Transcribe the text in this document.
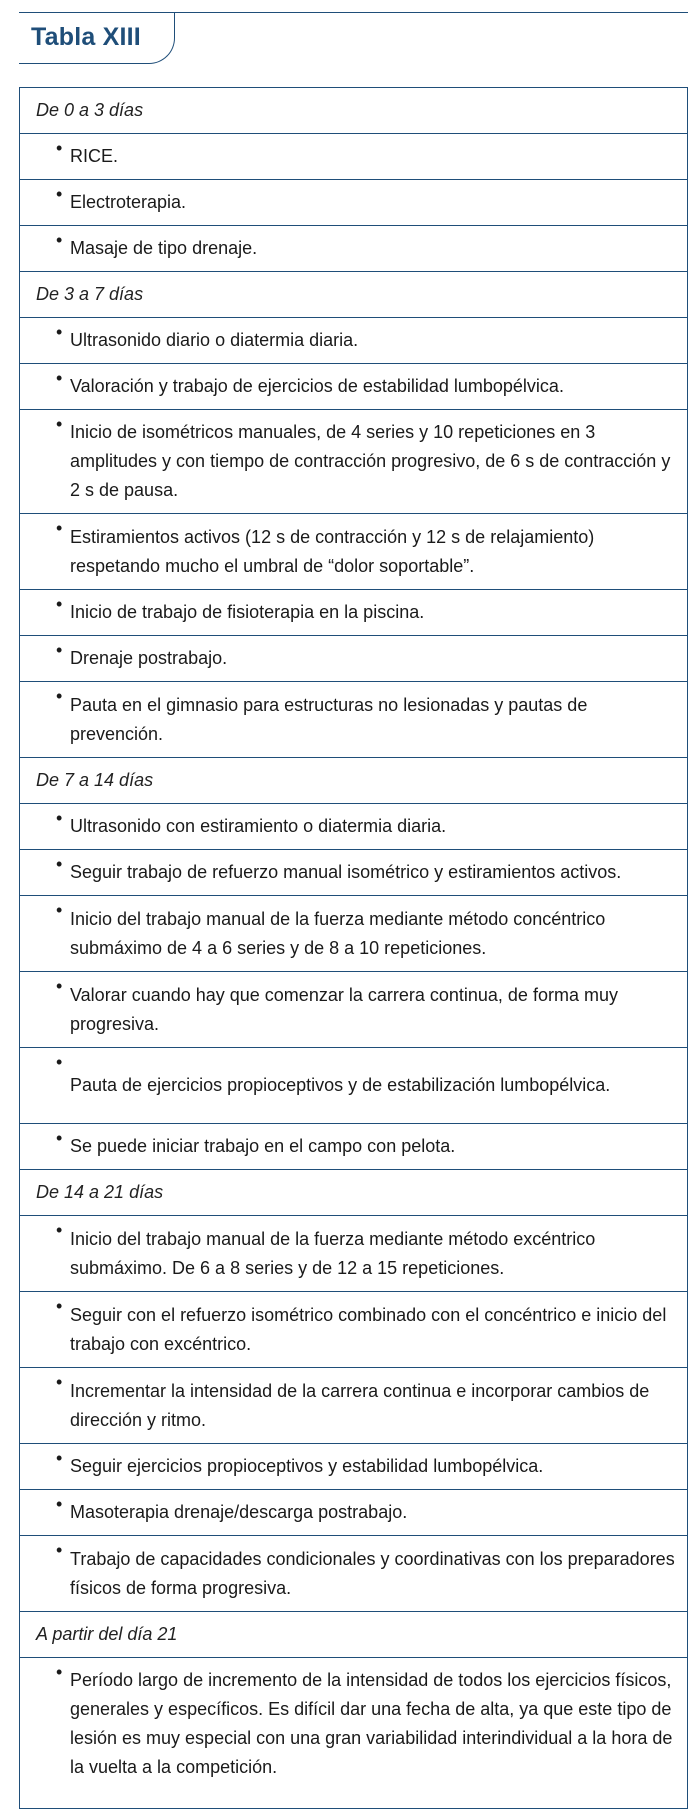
Tabla XIII
De 0 a 3 días
• RICE.
• Electroterapia.
• Masaje de tipo drenaje.
De 3 a 7 días
• Ultrasonido diario o diatermia diaria.
• Valoración y trabajo de ejercicios de estabilidad lumbopélvica.
• Inicio de isométricos manuales, de 4 series y 10 repeticiones en 3 amplitudes y con tiempo de contracción progresivo, de 6 s de contracción y 2 s de pausa.
• Estiramientos activos (12 s de contracción y 12 s de relajamiento) respetando mucho el umbral de “dolor soportable”.
• Inicio de trabajo de fisioterapia en la piscina.
• Drenaje postrabajo.
• Pauta en el gimnasio para estructuras no lesionadas y pautas de prevención.
De 7 a 14 días
• Ultrasonido con estiramiento o diatermia diaria.
• Seguir trabajo de refuerzo manual isométrico y estiramientos activos.
• Inicio del trabajo manual de la fuerza mediante método concéntrico submáximo de 4 a 6 series y de 8 a 10 repeticiones.
• Valorar cuando hay que comenzar la carrera continua, de forma muy progresiva.
•
Pauta de ejercicios propioceptivos y de estabilización lumbopélvica.
• Se puede iniciar trabajo en el campo con pelota.
De 14 a 21 días
• Inicio del trabajo manual de la fuerza mediante método excéntrico submáximo. De 6 a 8 series y de 12 a 15 repeticiones.
• Seguir con el refuerzo isométrico combinado con el concéntrico e inicio del trabajo con excéntrico.
• Incrementar la intensidad de la carrera continua e incorporar cambios de dirección y ritmo.
• Seguir ejercicios propioceptivos y estabilidad lumbopélvica.
• Masoterapia drenaje/descarga postrabajo.
• Trabajo de capacidades condicionales y coordinativas con los preparadores físicos de forma progresiva.
A partir del día 21
• Período largo de incremento de la intensidad de todos los ejercicios físicos, generales y específicos. Es difícil dar una fecha de alta, ya que este tipo de lesión es muy especial con una gran variabilidad interindividual a la hora de la vuelta a la competición.
